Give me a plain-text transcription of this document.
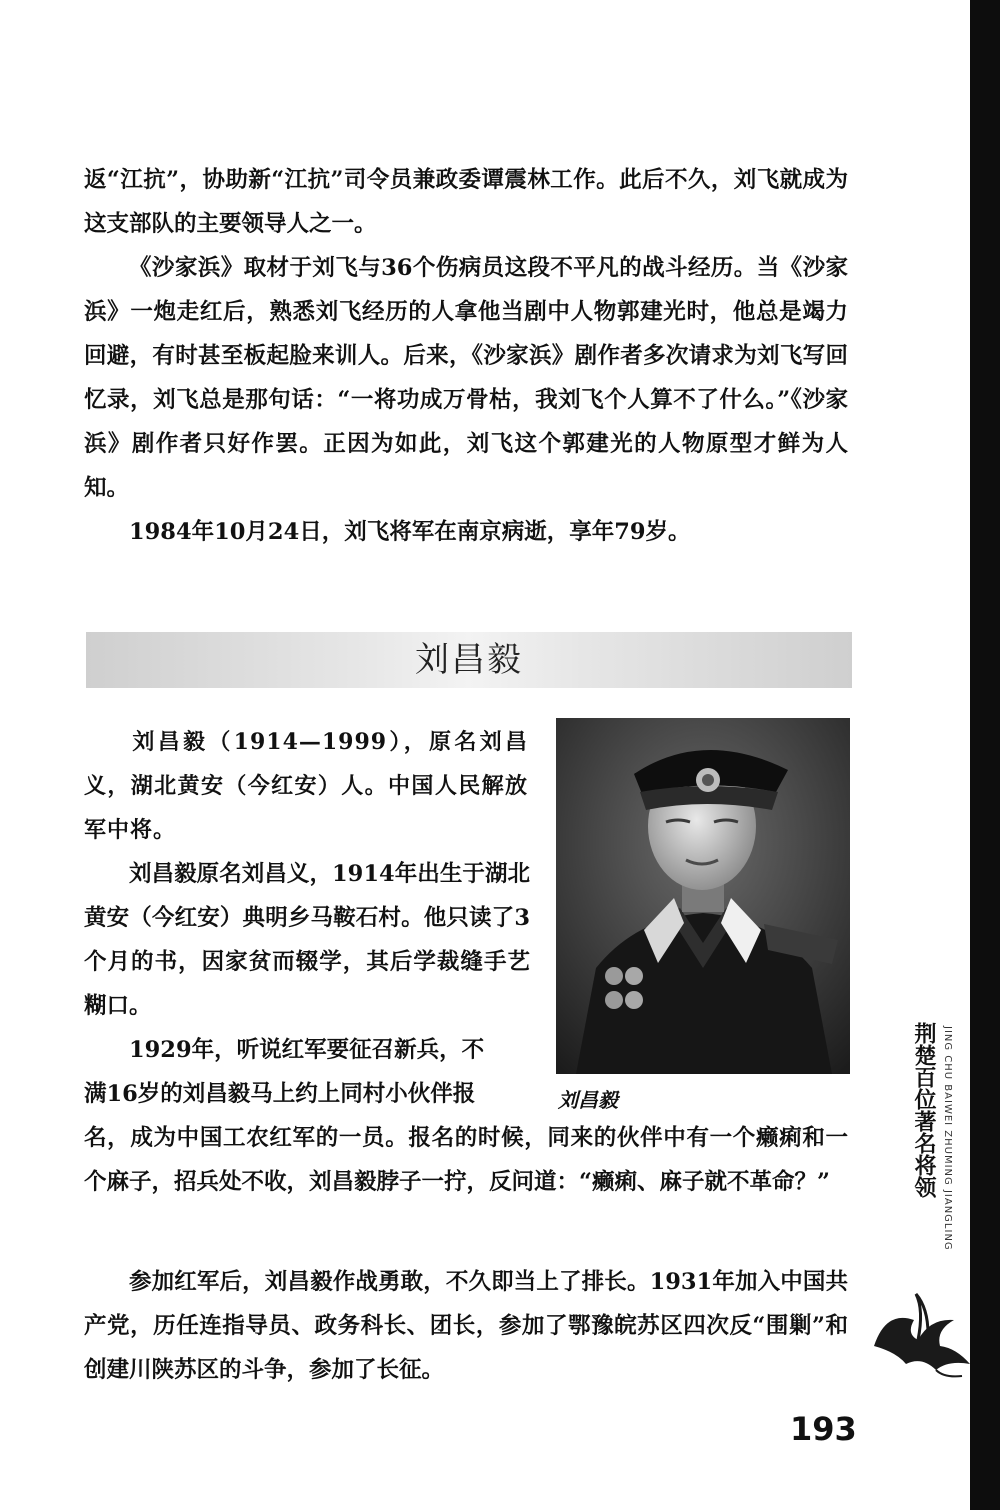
返“江抗”，协助新“江抗”司令员兼政委谭震林工作。此后不久，刘飞就成为这支部队的主要领导人之一。

《沙家浜》取材于刘飞与36个伤病员这段不平凡的战斗经历。当《沙家浜》一炮走红后，熟悉刘飞经历的人拿他当剧中人物郭建光时，他总是竭力回避，有时甚至板起脸来训人。后来，《沙家浜》剧作者多次请求为刘飞写回忆录，刘飞总是那句话：“一将功成万骨枯，我刘飞个人算不了什么。”《沙家浜》剧作者只好作罢。正因为如此，刘飞这个郭建光的人物原型才鲜为人知。

1984年10月24日，刘飞将军在南京病逝，享年79岁。

刘昌毅

刘昌毅（1914—1999），原名刘昌义，湖北黄安（今红安）人。中国人民解放军中将。

刘昌毅原名刘昌义，1914年出生于湖北黄安（今红安）典明乡马鞍石村。他只读了3个月的书，因家贫而辍学，其后学裁缝手艺糊口。

1929年，听说红军要征召新兵，不

满16岁的刘昌毅马上约上同村小伙伴报

名，成为中国工农红军的一员。报名的时候，同来的伙伴中有一个癞痢和一个麻子，招兵处不收，刘昌毅脖子一拧，反问道：“癞痢、麻子就不革命？”

参加红军后，刘昌毅作战勇敢，不久即当上了排长。1931年加入中国共产党，历任连指导员、政务科长、团长，参加了鄂豫皖苏区四次反“围剿”和创建川陕苏区的斗争，参加了长征。

刘昌毅	荆楚百位著名将领 JING CHU BAIWEI ZHUMING JIANGLING
193
